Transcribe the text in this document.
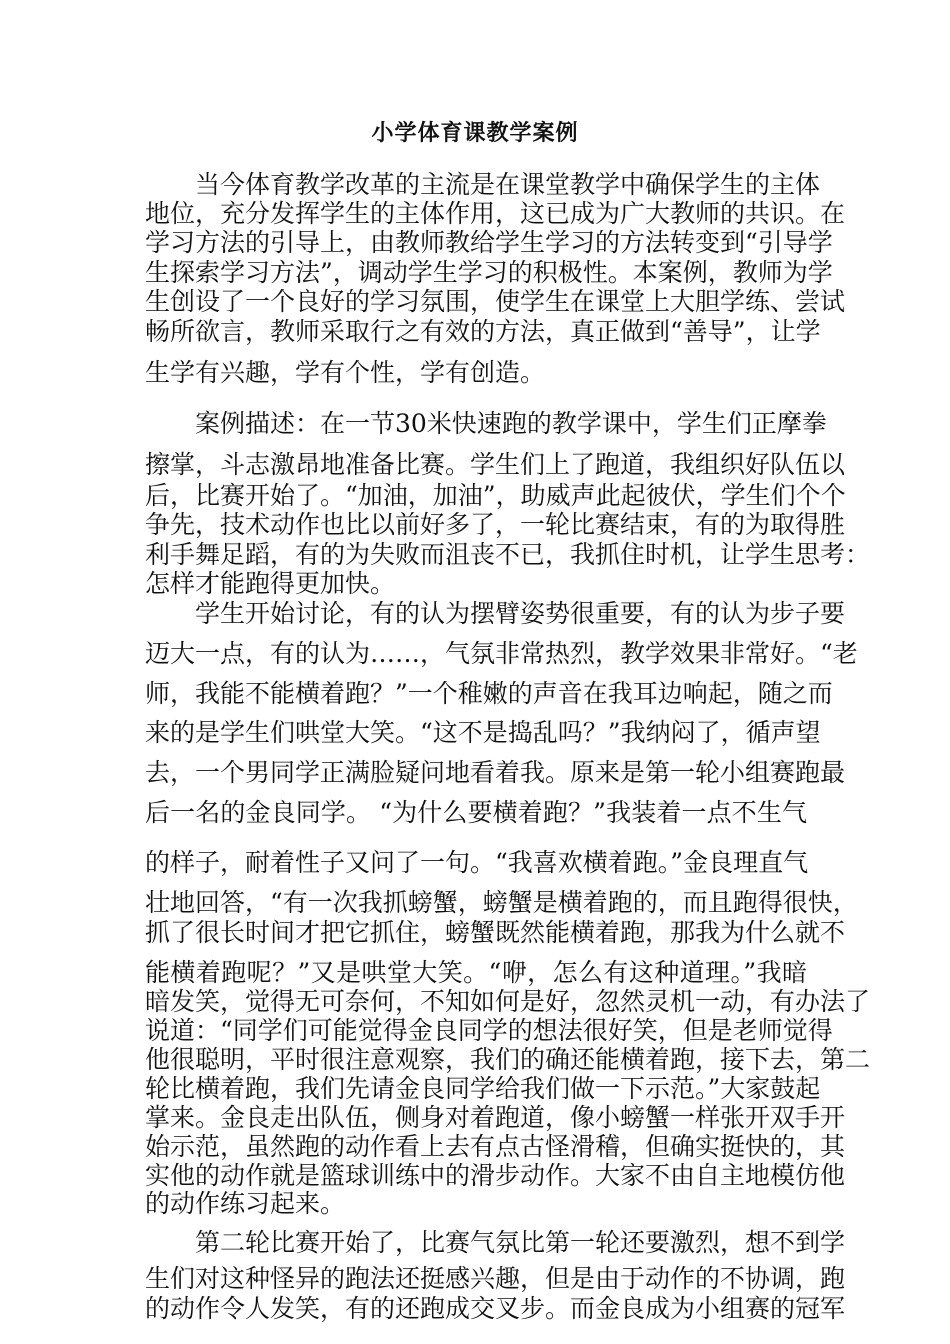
小学体育课教学案例
当今体育教学改革的主流是在课堂教学中确保学生的主体
地位，充分发挥学生的主体作用，这已成为广大教师的共识。在
学习方法的引导上，由教师教给学生学习的方法转变到“引导学
生探索学习方法”，调动学生学习的积极性。本案例，教师为学
生创设了一个良好的学习氛围，使学生在课堂上大胆学练、尝试
畅所欲言，教师采取行之有效的方法，真正做到“善导”，让学
生学有兴趣，学有个性，学有创造。
案例描述：在一节30米快速跑的教学课中，学生们正摩拳
擦掌，斗志激昂地准备比赛。学生们上了跑道，我组织好队伍以
后，比赛开始了。“加油，加油”，助威声此起彼伏，学生们个个
争先，技术动作也比以前好多了，一轮比赛结束，有的为取得胜
利手舞足蹈，有的为失败而沮丧不已，我抓住时机，让学生思考：
怎样才能跑得更加快。
学生开始讨论，有的认为摆臂姿势很重要，有的认为步子要
迈大一点，有的认为……，气氛非常热烈，教学效果非常好。“老
师，我能不能横着跑？”一个稚嫩的声音在我耳边响起，随之而
来的是学生们哄堂大笑。“这不是捣乱吗？”我纳闷了，循声望
去，一个男同学正满脸疑问地看着我。原来是第一轮小组赛跑最
后一名的金良同学。 “为什么要横着跑？”我装着一点不生气
的样子，耐着性子又问了一句。“我喜欢横着跑。”金良理直气
壮地回答，“有一次我抓螃蟹，螃蟹是横着跑的，而且跑得很快，
抓了很长时间才把它抓住，螃蟹既然能横着跑，那我为什么就不
能横着跑呢？”又是哄堂大笑。“咿，怎么有这种道理。”我暗
暗发笑，觉得无可奈何，不知如何是好，忽然灵机一动，有办法了
说道：“同学们可能觉得金良同学的想法很好笑，但是老师觉得
他很聪明，平时很注意观察，我们的确还能横着跑，接下去，第二
轮比横着跑，我们先请金良同学给我们做一下示范。”大家鼓起
掌来。金良走出队伍，侧身对着跑道，像小螃蟹一样张开双手开
始示范，虽然跑的动作看上去有点古怪滑稽，但确实挺快的，其
实他的动作就是篮球训练中的滑步动作。大家不由自主地模仿他
的动作练习起来。
第二轮比赛开始了，比赛气氛比第一轮还要激烈，想不到学
生们对这种怪异的跑法还挺感兴趣，但是由于动作的不协调，跑
的动作令人发笑，有的还跑成交叉步。而金良成为小组赛的冠军
